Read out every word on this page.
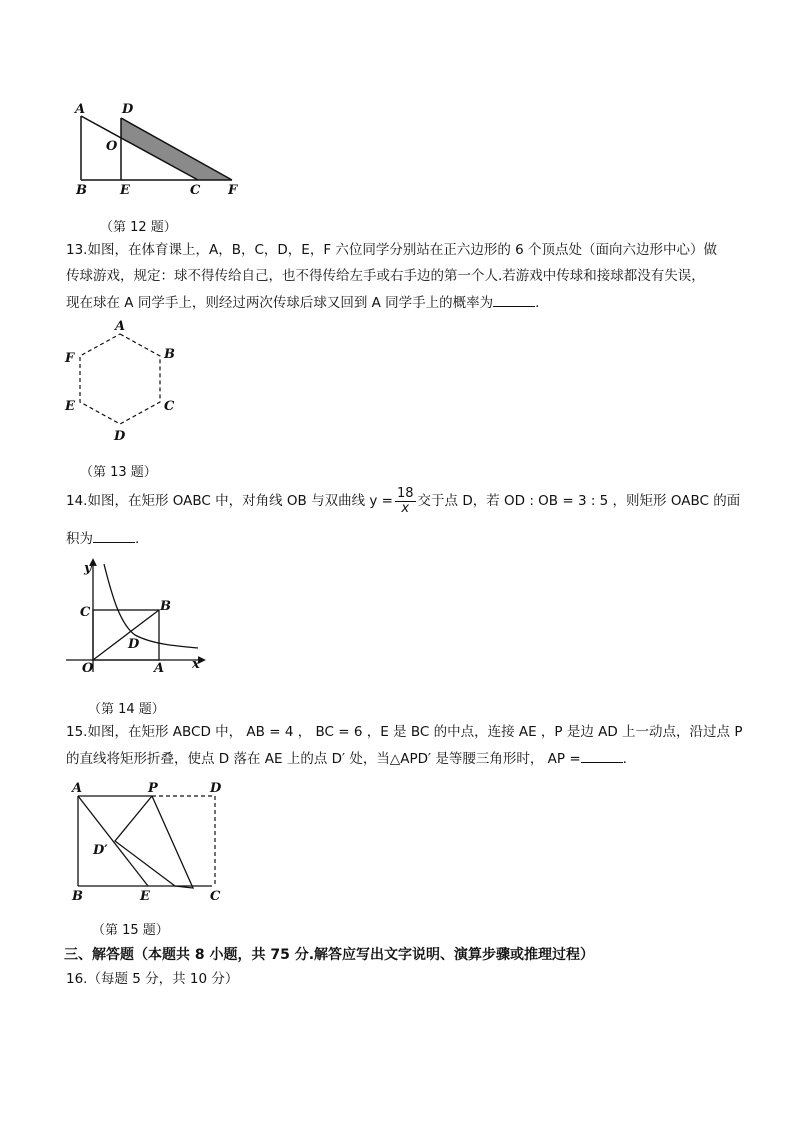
A	D
O
B	E	C F
（第 12 题）
13.如图，在体育课上，A，B，C，D，E，F 六位同学分别站在正六边形的 6 个顶点处（面向六边形中心）做
传球游戏，规定：球不得传给自己，也不得传给左手或右手边的第一个人.若游戏中传球和接球都没有失误，
现在球在 A 同学手上，则经过两次传球后球又回到 A 同学手上的概率为	.
A
B
C
D
E
F
（第 13 题）
14.如图，在矩形 OABC 中，对角线 OB 与双曲线 $y = \frac{18}{x}$ 交于点 D，若 OD : OB = 3 : 5 ，则矩形 OABC 的面
积为	.
y
x
C	B
D
O	A
（第 14 题）
15.如图，在矩形 ABCD 中， AB = 4 ， BC = 6 ，E 是 BC 的中点，连接 AE ，P 是边 AD 上一动点，沿过点 P
的直线将矩形折叠，使点 D 落在 AE 上的点 D′ 处，当△APD′ 是等腰三角形时， AP =	.
A	P	D
D′
B	E	C
（第 15 题）
三、解答题（本题共 8 小题，共 75 分.解答应写出文字说明、演算步骤或推理过程）
16.（每题 5 分，共 10 分）
